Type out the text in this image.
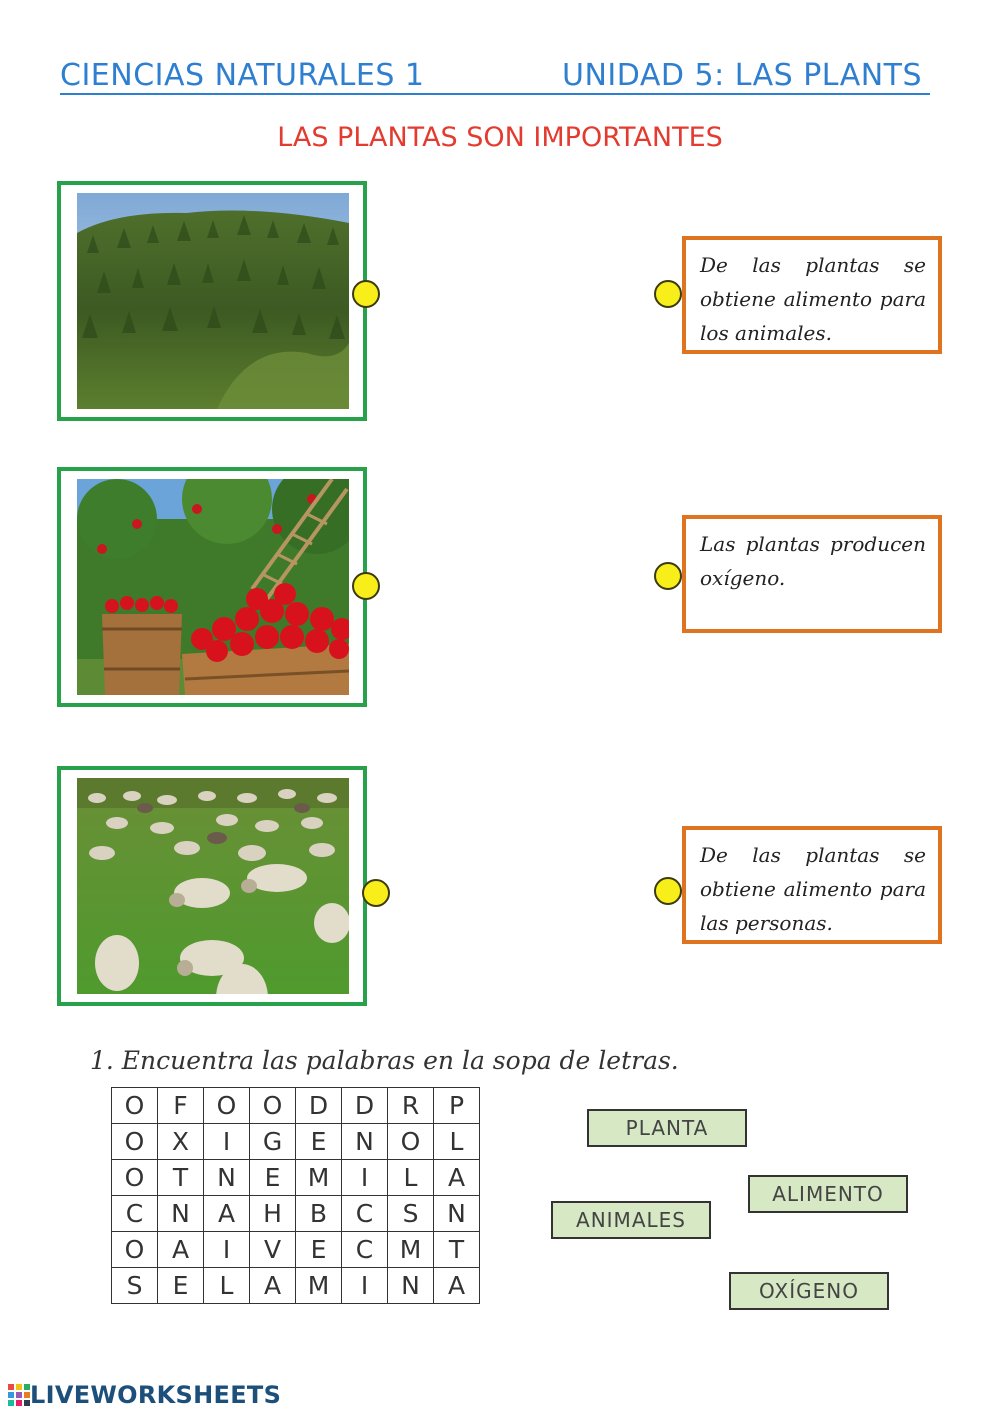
CIENCIAS NATURALES 1	UNIDAD 5: LAS PLANTS
LAS PLANTAS SON IMPORTANTES
De las plantas se obtiene alimento para los animales.
Las plantas producen oxígeno.
De las plantas se obtiene alimento para las personas.
1. Encuentra las palabras en la sopa de letras.
O	F	O	O	D	D	R	P
O	X	I	G	E	N	O	L
O	T	N	E	M	I	L	A
C	N	A	H	B	C	S	N
O	A	I	V	E	C	M	T
S	E	L	A	M	I	N	A
PLANTA
ALIMENTO
ANIMALES
OXÍGENO
LIVEWORKSHEETS
